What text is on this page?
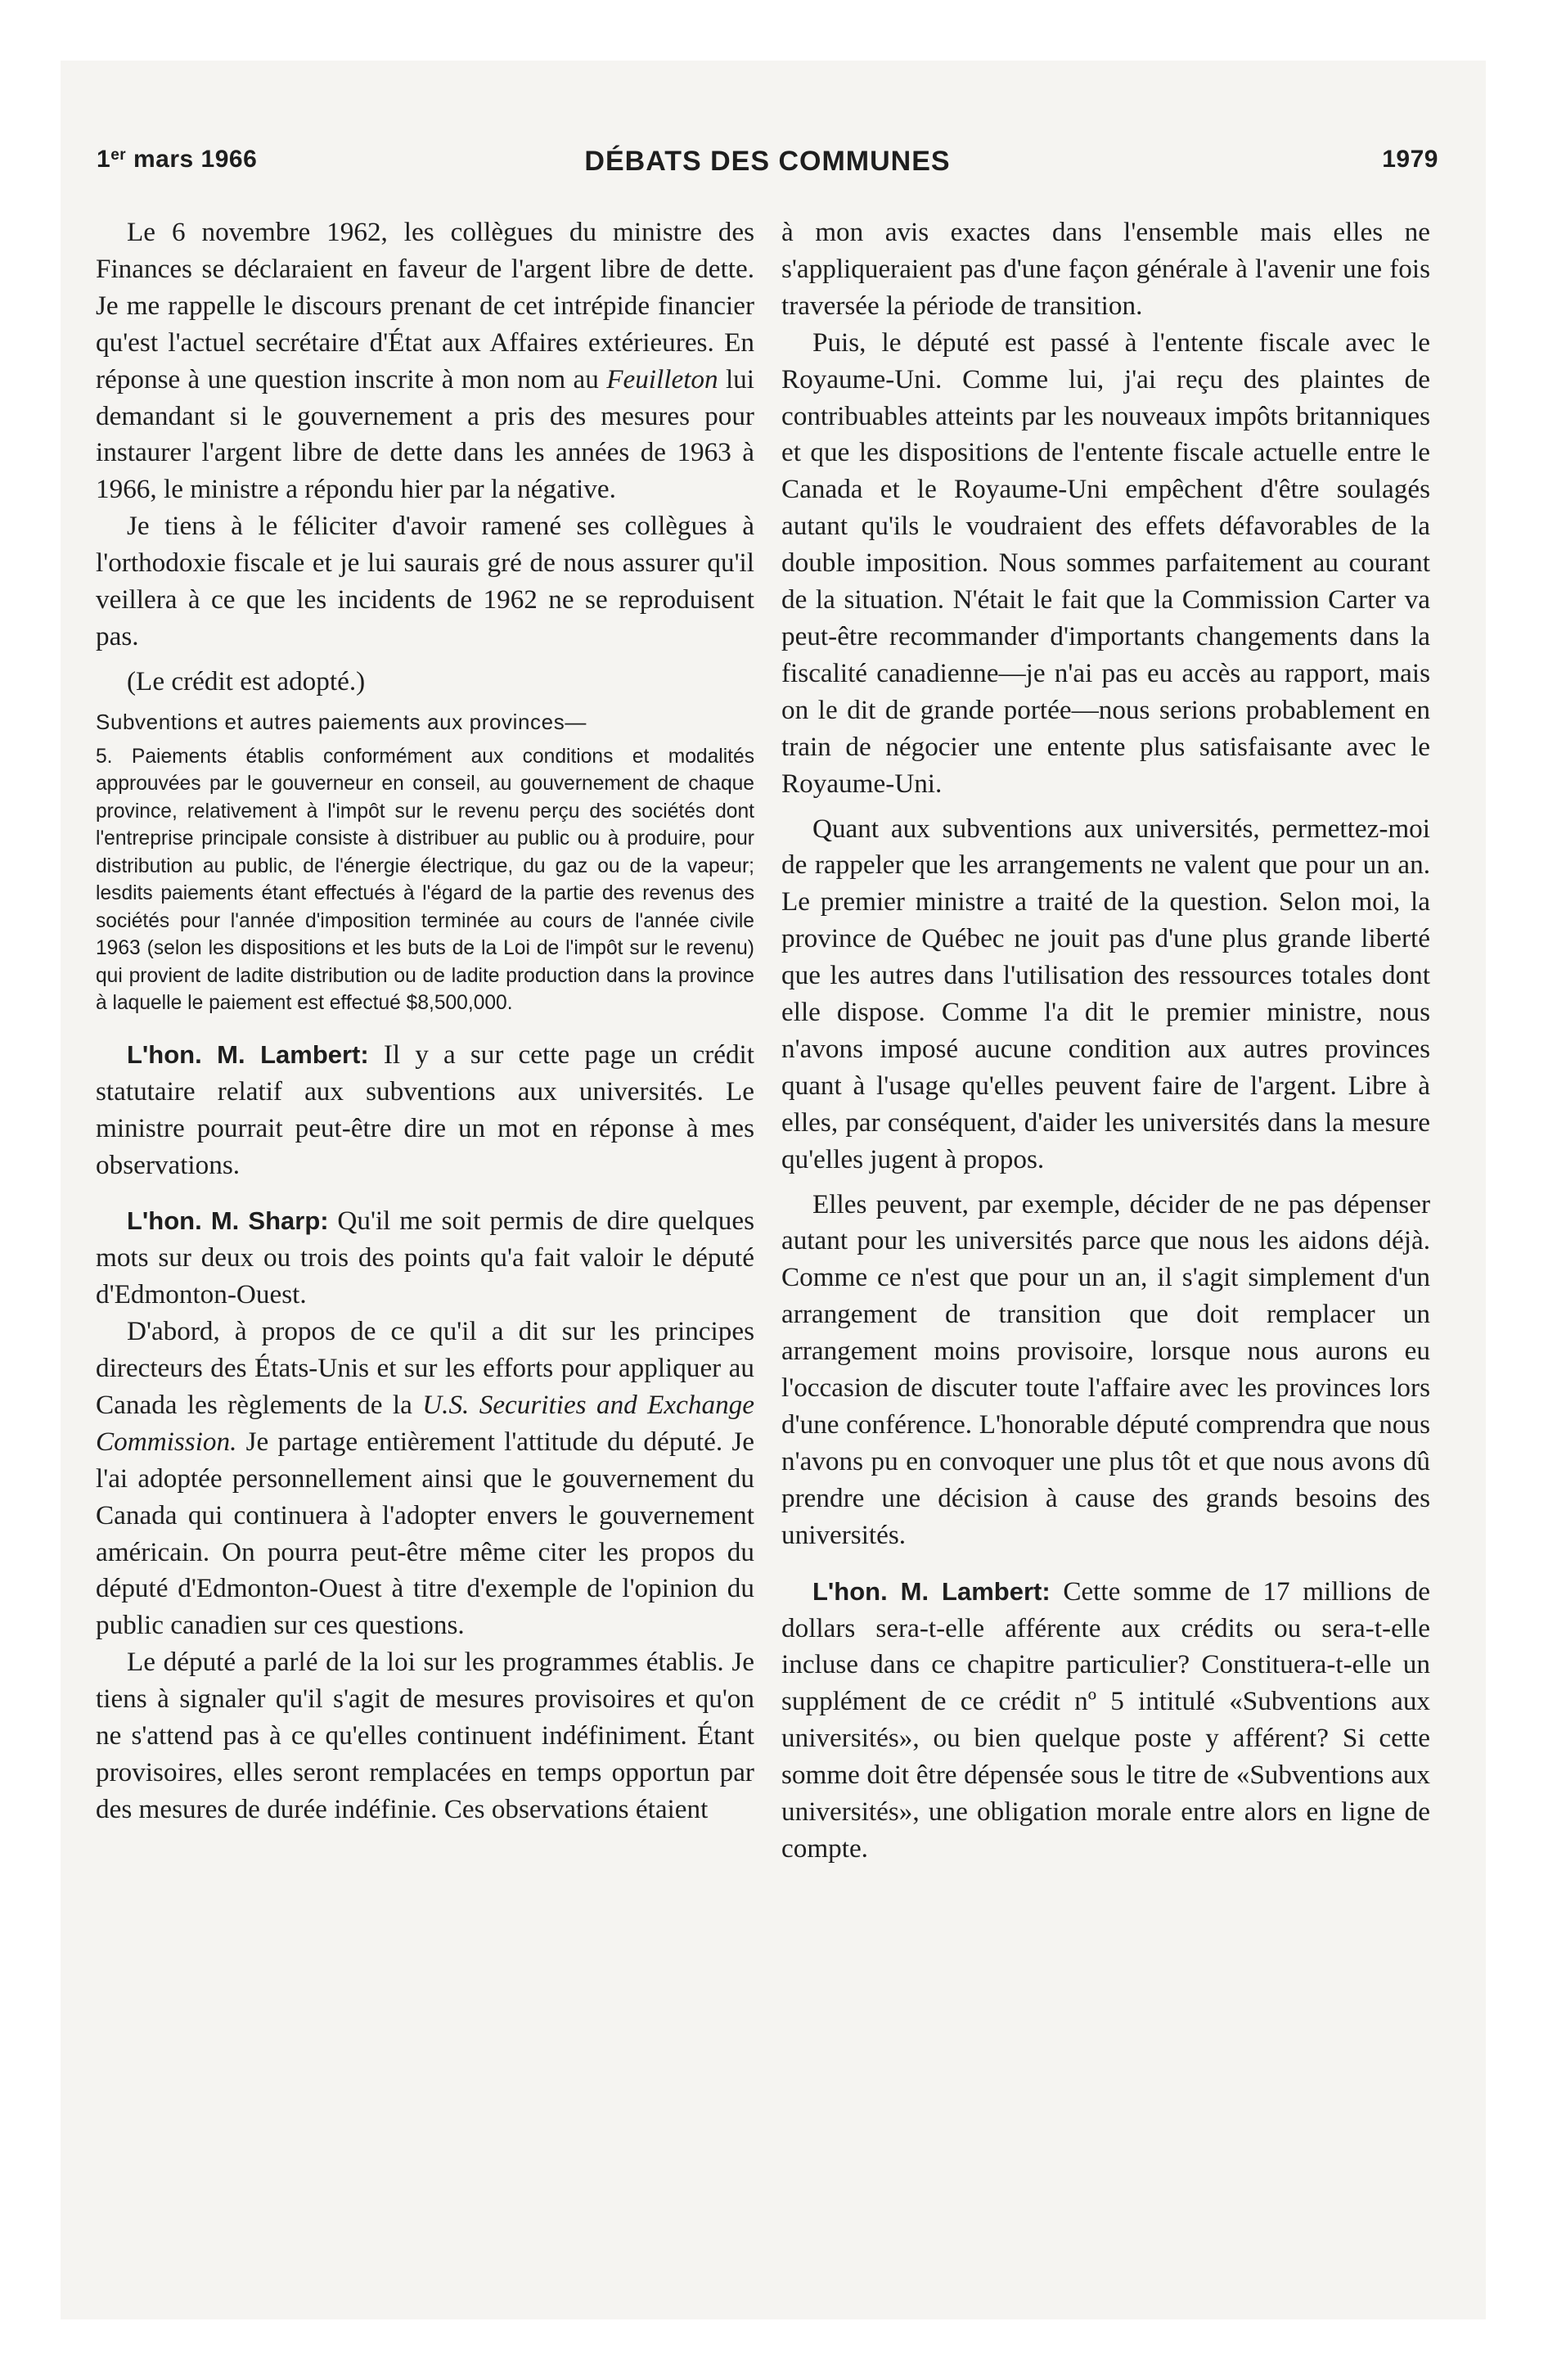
1er mars 1966	DÉBATS DES COMMUNES	1979

Le 6 novembre 1962, les collègues du ministre des Finances se déclaraient en faveur de l'argent libre de dette. Je me rappelle le discours prenant de cet intrépide financier qu'est l'actuel secrétaire d'État aux Affaires extérieures. En réponse à une question inscrite à mon nom au Feuilleton lui demandant si le gouvernement a pris des mesures pour instaurer l'argent libre de dette dans les années de 1963 à 1966, le ministre a répondu hier par la négative.

Je tiens à le féliciter d'avoir ramené ses collègues à l'orthodoxie fiscale et je lui saurais gré de nous assurer qu'il veillera à ce que les incidents de 1962 ne se reproduisent pas.

(Le crédit est adopté.)

Subventions et autres paiements aux provinces—

5. Paiements établis conformément aux conditions et modalités approuvées par le gouverneur en conseil, au gouvernement de chaque province, relativement à l'impôt sur le revenu perçu des sociétés dont l'entreprise principale consiste à distribuer au public ou à produire, pour distribution au public, de l'énergie électrique, du gaz ou de la vapeur; lesdits paiements étant effectués à l'égard de la partie des revenus des sociétés pour l'année d'imposition terminée au cours de l'année civile 1963 (selon les dispositions et les buts de la Loi de l'impôt sur le revenu) qui provient de ladite distribution ou de ladite production dans la province à laquelle le paiement est effectué $8,500,000.

L'hon. M. Lambert: Il y a sur cette page un crédit statutaire relatif aux subventions aux universités. Le ministre pourrait peut-être dire un mot en réponse à mes observations.

L'hon. M. Sharp: Qu'il me soit permis de dire quelques mots sur deux ou trois des points qu'a fait valoir le député d'Edmonton-Ouest.

D'abord, à propos de ce qu'il a dit sur les principes directeurs des États-Unis et sur les efforts pour appliquer au Canada les règlements de la U.S. Securities and Exchange Commission. Je partage entièrement l'attitude du député. Je l'ai adoptée personnellement ainsi que le gouvernement du Canada qui continuera à l'adopter envers le gouvernement américain. On pourra peut-être même citer les propos du député d'Edmonton-Ouest à titre d'exemple de l'opinion du public canadien sur ces questions.

Le député a parlé de la loi sur les programmes établis. Je tiens à signaler qu'il s'agit de mesures provisoires et qu'on ne s'attend pas à ce qu'elles continuent indéfiniment. Étant provisoires, elles seront remplacées en temps opportun par des mesures de durée indéfinie. Ces observations étaient

à mon avis exactes dans l'ensemble mais elles ne s'appliqueraient pas d'une façon générale à l'avenir une fois traversée la période de transition.

Puis, le député est passé à l'entente fiscale avec le Royaume-Uni. Comme lui, j'ai reçu des plaintes de contribuables atteints par les nouveaux impôts britanniques et que les dispositions de l'entente fiscale actuelle entre le Canada et le Royaume-Uni empêchent d'être soulagés autant qu'ils le voudraient des effets défavorables de la double imposition. Nous sommes parfaitement au courant de la situation. N'était le fait que la Commission Carter va peut-être recommander d'importants changements dans la fiscalité canadienne—je n'ai pas eu accès au rapport, mais on le dit de grande portée—nous serions probablement en train de négocier une entente plus satisfaisante avec le Royaume-Uni.

Quant aux subventions aux universités, permettez-moi de rappeler que les arrangements ne valent que pour un an. Le premier ministre a traité de la question. Selon moi, la province de Québec ne jouit pas d'une plus grande liberté que les autres dans l'utilisation des ressources totales dont elle dispose. Comme l'a dit le premier ministre, nous n'avons imposé aucune condition aux autres provinces quant à l'usage qu'elles peuvent faire de l'argent. Libre à elles, par conséquent, d'aider les universités dans la mesure qu'elles jugent à propos.

Elles peuvent, par exemple, décider de ne pas dépenser autant pour les universités parce que nous les aidons déjà. Comme ce n'est que pour un an, il s'agit simplement d'un arrangement de transition que doit remplacer un arrangement moins provisoire, lorsque nous aurons eu l'occasion de discuter toute l'affaire avec les provinces lors d'une conférence. L'honorable député comprendra que nous n'avons pu en convoquer une plus tôt et que nous avons dû prendre une décision à cause des grands besoins des universités.

L'hon. M. Lambert: Cette somme de 17 millions de dollars sera-t-elle afférente aux crédits ou sera-t-elle incluse dans ce chapitre particulier? Constituera-t-elle un supplément de ce crédit nº 5 intitulé «Subventions aux universités», ou bien quelque poste y afférent? Si cette somme doit être dépensée sous le titre de «Subventions aux universités», une obligation morale entre alors en ligne de compte.
